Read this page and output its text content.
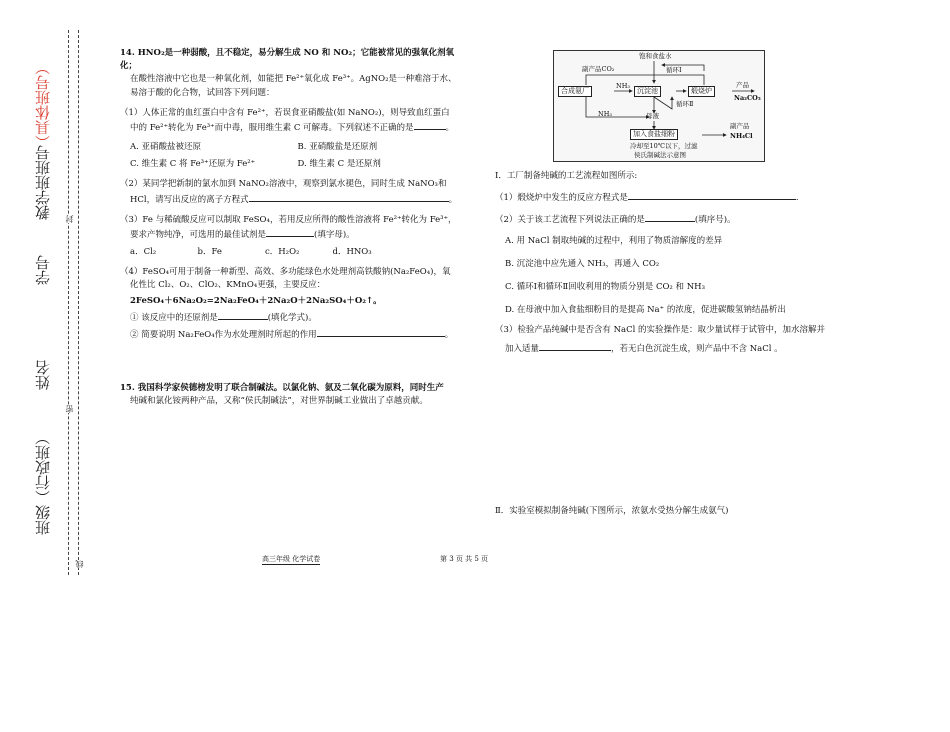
班级（行政班）
姓名
学号
教学班班号
（具体班号）
密
封
线

14. HNO₂是一种弱酸，且不稳定，易分解生成 NO 和 NO₂；它能被常见的强氧化剂氧化；

在酸性溶液中它也是一种氧化剂，如能把 Fe²⁺氧化成 Fe³⁺。AgNO₂是一种难溶于水、

易溶于酸的化合物，试回答下列问题：

（1）人体正常的血红蛋白中含有 Fe²⁺，若误食亚硝酸盐(如 NaNO₂)，则导致血红蛋白

中的 Fe²⁺转化为 Fe³⁺而中毒，服用维生素 C 可解毒。下列叙述不正确的是	。

A. 亚硝酸盐被还原	B. 亚硝酸盐是还原剂
C. 维生素 C 将 Fe³⁺还原为 Fe²⁺	D. 维生素 C 是还原剂

（2）某同学把新制的氯水加到 NaNO₂溶液中，观察到氯水褪色，同时生成 NaNO₃和

HCl，请写出反应的离子方程式	。

（3）Fe 与稀硫酸反应可以制取 FeSO₄，若用反应所得的酸性溶液将 Fe²⁺转化为 Fe³⁺，

要求产物纯净，可选用的最佳试剂是	(填字母)。

a．Cl₂	b．Fe	c．H₂O₂	d．HNO₃

（4）FeSO₄可用于制备一种新型、高效、多功能绿色水处理剂高铁酸钠(Na₂FeO₄)，氧

化性比 Cl₂、O₂、ClO₂、KMnO₄更强，主要反应：

2FeSO₄＋6Na₂O₂=2Na₂FeO₄＋2Na₂O＋2Na₂SO₄＋O₂↑。

① 该反应中的还原剂是	(填化学式)。

② 简要说明 Na₂FeO₄作为水处理剂时所起的作用	。

15. 我国科学家侯德榜发明了联合制碱法。以氯化钠、氨及二氧化碳为原料，同时生产

纯碱和氯化铵两种产品，又称“侯氏制碱法”，对世界制碱工业做出了卓越贡献。

饱和食盐水
副产品CO₂	循环Ⅰ
合成氨厂
NH₃
沉淀池	煅烧炉
产品
Na₂CO₃
循环Ⅱ
NH₃	母液
加入食盐细粉
冷却至10℃以下，过滤
副产品
NH₄Cl
侯氏制碱法示意图

Ⅰ．工厂制备纯碱的工艺流程如图所示:

（1）煅烧炉中发生的反应方程式是	.

（2）关于该工艺流程下列说法正确的是	(填序号)。

A. 用 NaCl 制取纯碱的过程中，利用了物质溶解度的差异

B. 沉淀池中应先通入 NH₃，再通入 CO₂

C. 循环Ⅰ和循环Ⅱ回收利用的物质分别是 CO₂ 和 NH₃

D. 在母液中加入食盐细粉目的是提高 Na⁺ 的浓度，促进碳酸氢钠结晶析出

（3）检验产品纯碱中是否含有 NaCl 的实验操作是：取少量试样于试管中，加水溶解并

加入适量	，若无白色沉淀生成，则产品中不含 NaCl 。

Ⅱ．实验室模拟制备纯碱(下图所示，浓氨水受热分解生成氨气)

高三年级 化学试卷	第 3 页 共 5 页
